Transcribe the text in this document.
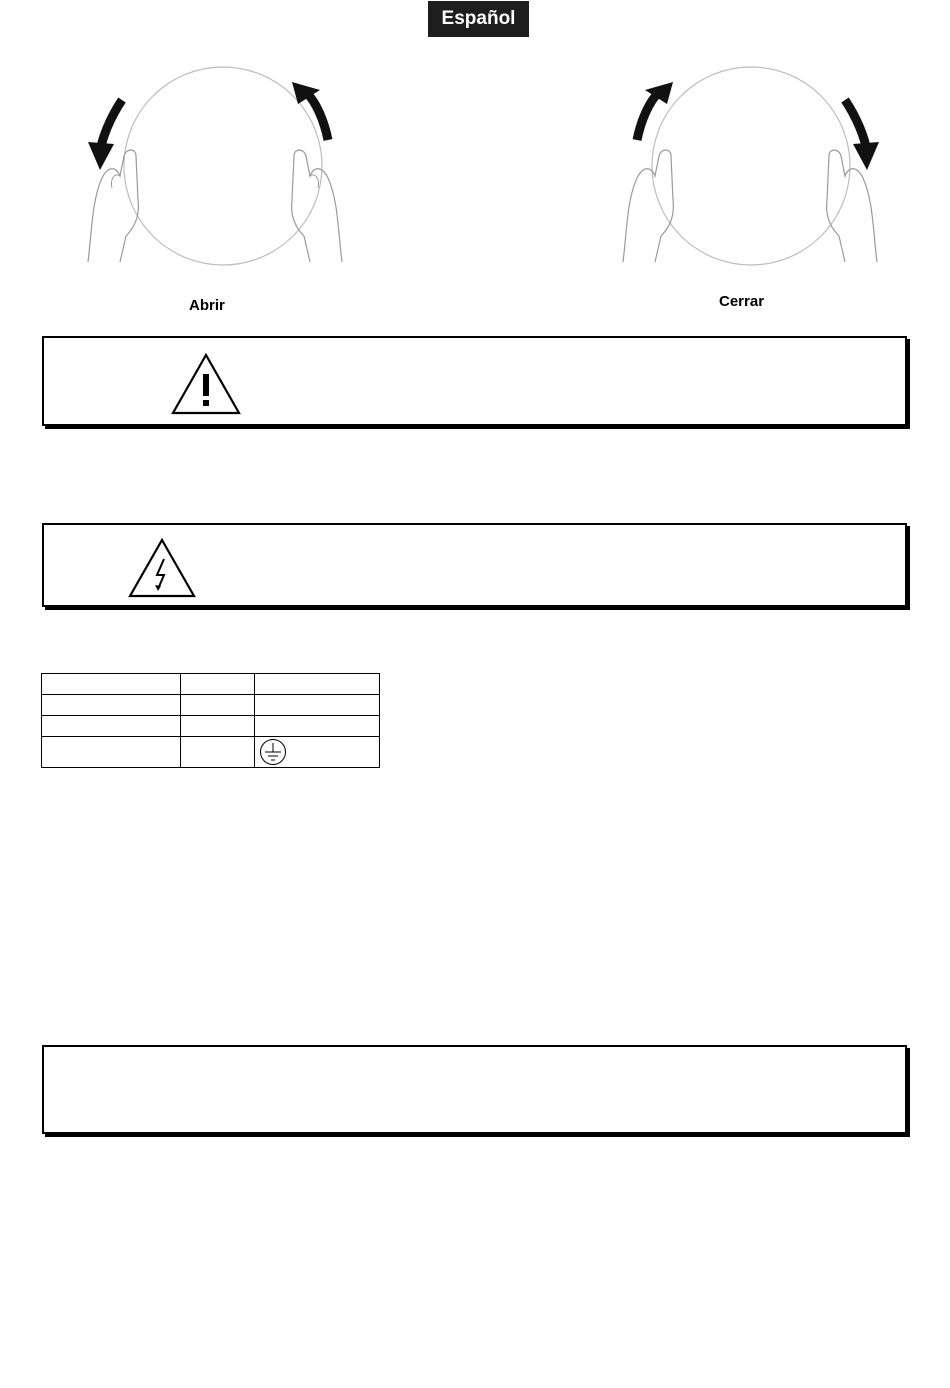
Español
Abrir	Cerrar
